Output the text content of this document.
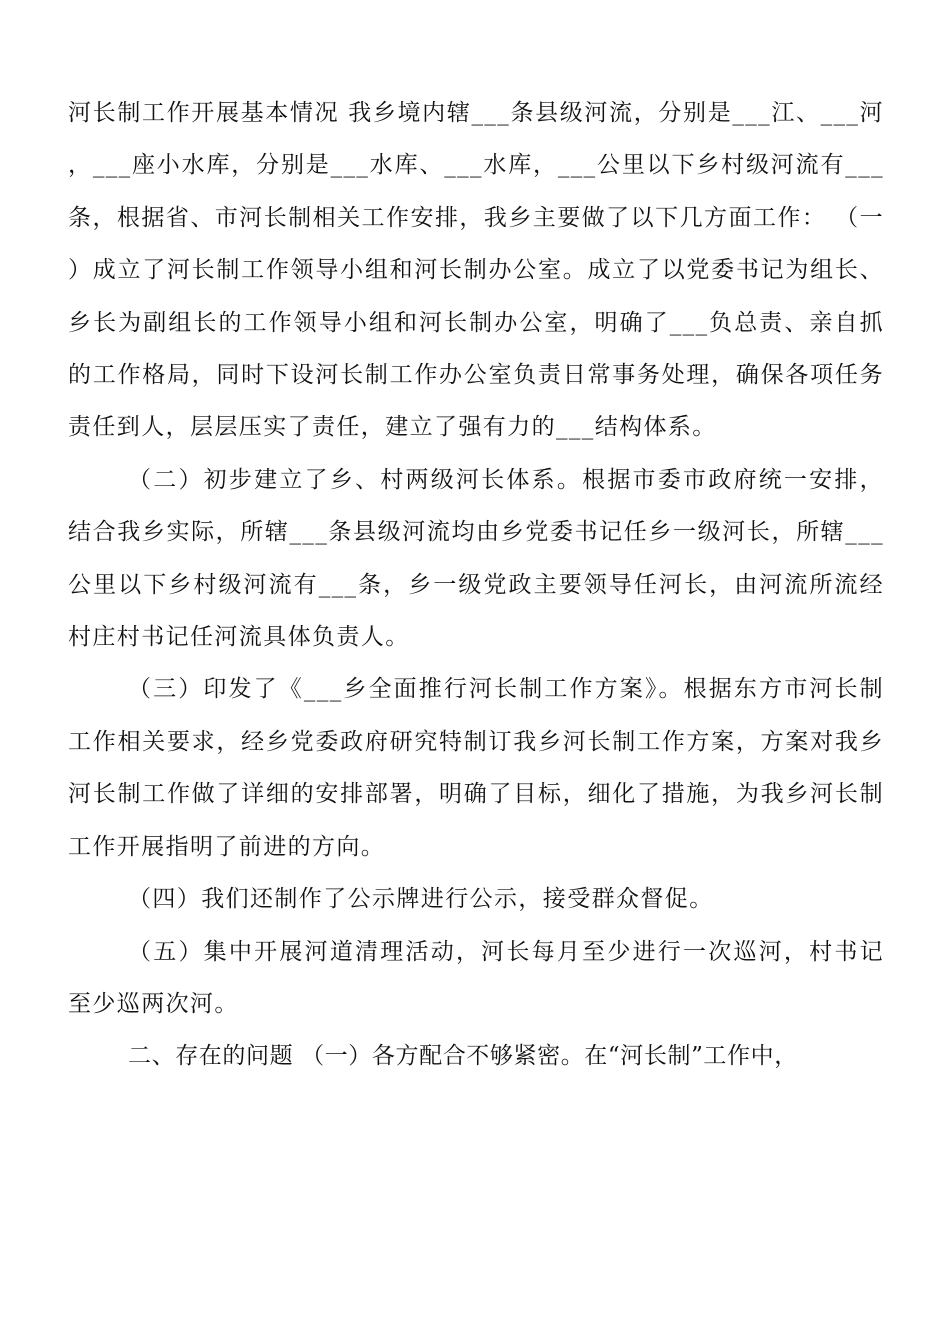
河长制工作开展基本情况 我乡境内辖___条县级河流，分别是___江、___河，___座小水库，分别是___水库、___水库，___公里以下乡村级河流有___条，根据省、市河长制相关工作安排，我乡主要做了以下几方面工作： （一）成立了河长制工作领导小组和河长制办公室。成立了以党委书记为组长、乡长为副组长的工作领导小组和河长制办公室，明确了___负总责、亲自抓的工作格局，同时下设河长制工作办公室负责日常事务处理，确保各项任务责任到人，层层压实了责任，建立了强有力的___结构体系。

（二）初步建立了乡、村两级河长体系。根据市委市政府统一安排，结合我乡实际，所辖___条县级河流均由乡党委书记任乡一级河长，所辖___公里以下乡村级河流有___条，乡一级党政主要领导任河长，由河流所流经村庄村书记任河流具体负责人。

（三）印发了《___乡全面推行河长制工作方案》。根据东方市河长制工作相关要求，经乡党委政府研究特制订我乡河长制工作方案，方案对我乡河长制工作做了详细的安排部署，明确了目标，细化了措施，为我乡河长制工作开展指明了前进的方向。

（四）我们还制作了公示牌进行公示，接受群众督促。

（五）集中开展河道清理活动，河长每月至少进行一次巡河，村书记至少巡两次河。

二、存在的问题 （一）各方配合不够紧密。在“河长制”工作中，
